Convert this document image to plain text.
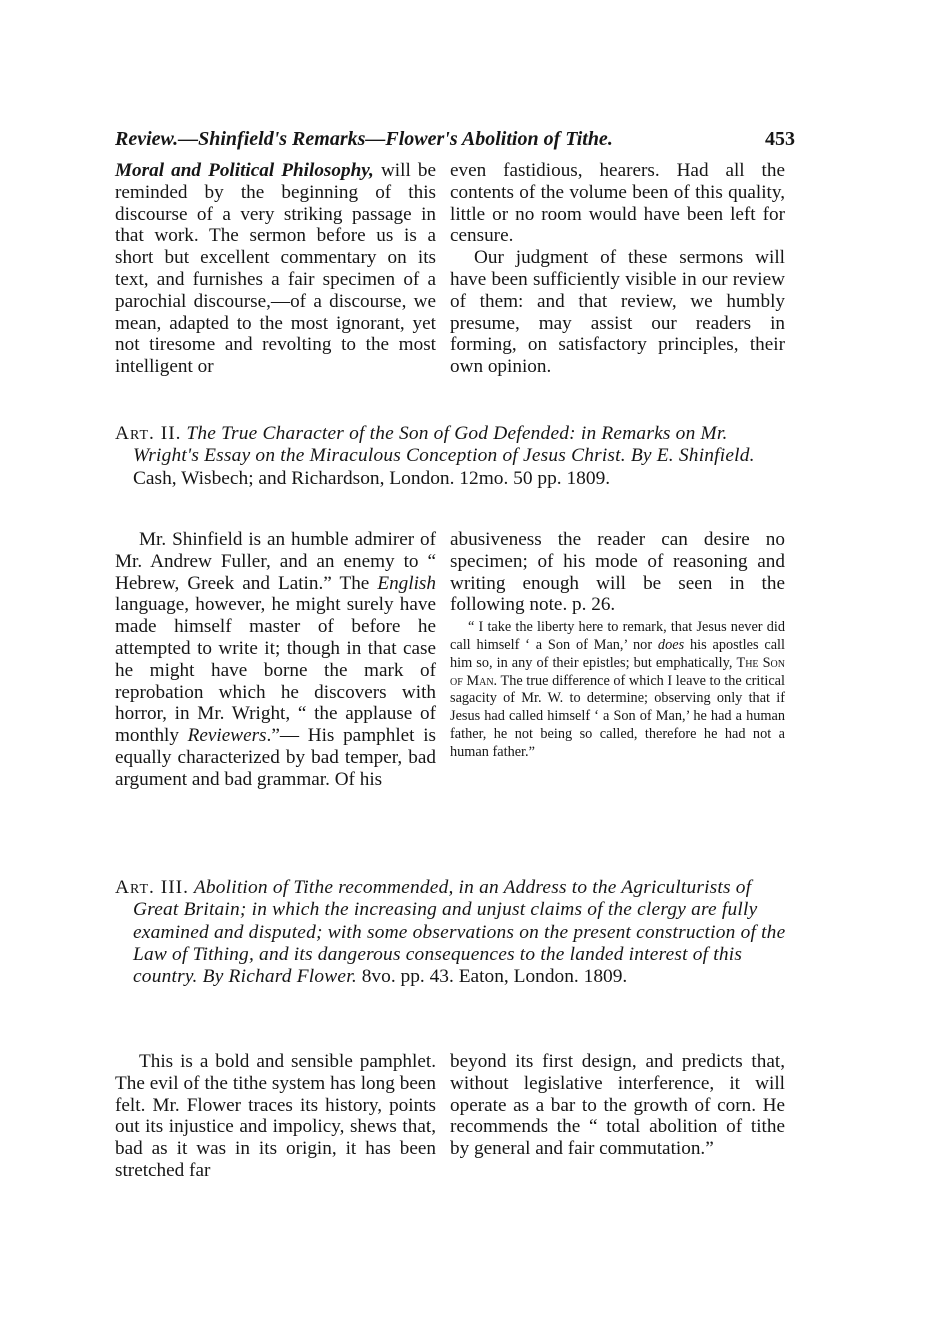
Review.—Shinfield's Remarks—Flower's Abolition of Tithe.	453

Moral and Political Philosophy, will be reminded by the beginning of this discourse of a very striking passage in that work. The sermon before us is a short but excellent commentary on its text, and furnishes a fair specimen of a parochial discourse,—of a discourse, we mean, adapted to the most ignorant, yet not tiresome and revolting to the most intelligent or

even fastidious, hearers. Had all the contents of the volume been of this quality, little or no room would have been left for censure.

Our judgment of these sermons will have been sufficiently visible in our review of them: and that review, we humbly presume, may assist our readers in forming, on satisfactory principles, their own opinion.

Art. II. The True Character of the Son of God Defended: in Remarks on Mr. Wright's Essay on the Miraculous Conception of Jesus Christ. By E. Shinfield. Cash, Wisbech; and Richardson, London. 12mo. 50 pp. 1809.

Mr. Shinfield is an humble admirer of Mr. Andrew Fuller, and an enemy to “ Hebrew, Greek and Latin.” The English language, however, he might surely have made himself master of before he attempted to write it; though in that case he might have borne the mark of reprobation which he discovers with horror, in Mr. Wright, “ the applause of monthly Reviewers.”— His pamphlet is equally characterized by bad temper, bad argument and bad grammar. Of his

abusiveness the reader can desire no specimen; of his mode of reasoning and writing enough will be seen in the following note. p. 26.

“ I take the liberty here to remark, that Jesus never did call himself ‘ a Son of Man,’ nor does his apostles call him so, in any of their epistles; but emphatically, The Son of Man. The true difference of which I leave to the critical sagacity of Mr. W. to determine; observing only that if Jesus had called himself ‘ a Son of Man,’ he had a human father, he not being so called, therefore he had not a human father.”

Art. III. Abolition of Tithe recommended, in an Address to the Agriculturists of Great Britain; in which the increasing and unjust claims of the clergy are fully examined and disputed; with some observations on the present construction of the Law of Tithing, and its dangerous consequences to the landed interest of this country. By Richard Flower. 8vo. pp. 43. Eaton, London. 1809.

This is a bold and sensible pamphlet. The evil of the tithe system has long been felt. Mr. Flower traces its history, points out its injustice and impolicy, shews that, bad as it was in its origin, it has been stretched far

beyond its first design, and predicts that, without legislative interference, it will operate as a bar to the growth of corn. He recommends the “ total abolition of tithe by general and fair commutation.”
